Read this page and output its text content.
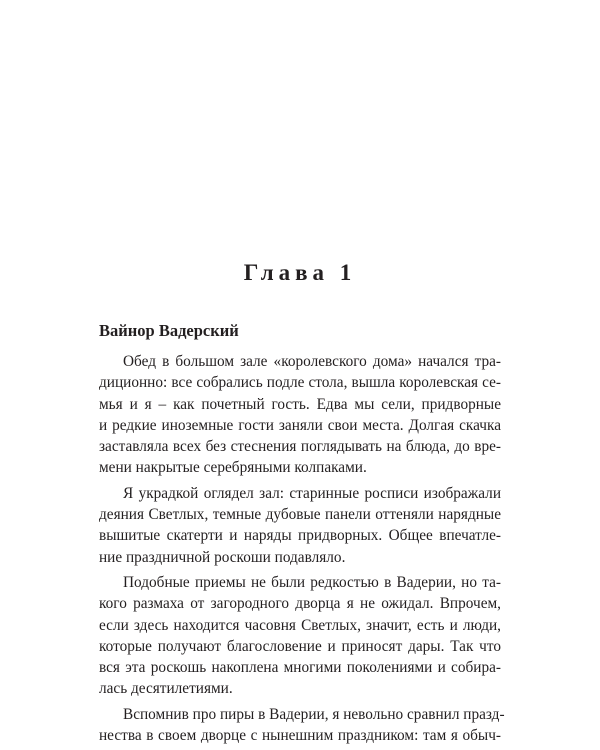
Глава 1
Вайнор Вадерский

Обед в большом зале «королевского дома» начался тра-
диционно: все собрались подле стола, вышла королевская се-
мья и я – как почетный гость. Едва мы сели, придворные
и редкие иноземные гости заняли свои места. Долгая скачка
заставляла всех без стеснения поглядывать на блюда, до вре-
мени накрытые серебряными колпаками.

Я украдкой оглядел зал: старинные росписи изображали
деяния Светлых, темные дубовые панели оттеняли нарядные
вышитые скатерти и наряды придворных. Общее впечатле-
ние праздничной роскоши подавляло.

Подобные приемы не были редкостью в Вадерии, но та-
кого размаха от загородного дворца я не ожидал. Впрочем,
если здесь находится часовня Светлых, значит, есть и люди,
которые получают благословение и приносят дары. Так что
вся эта роскошь накоплена многими поколениями и собира-
лась десятилетиями.

Вспомнив про пиры в Вадерии, я невольно сравнил празд-
нества в своем дворце с нынешним праздником: там я обыч-
